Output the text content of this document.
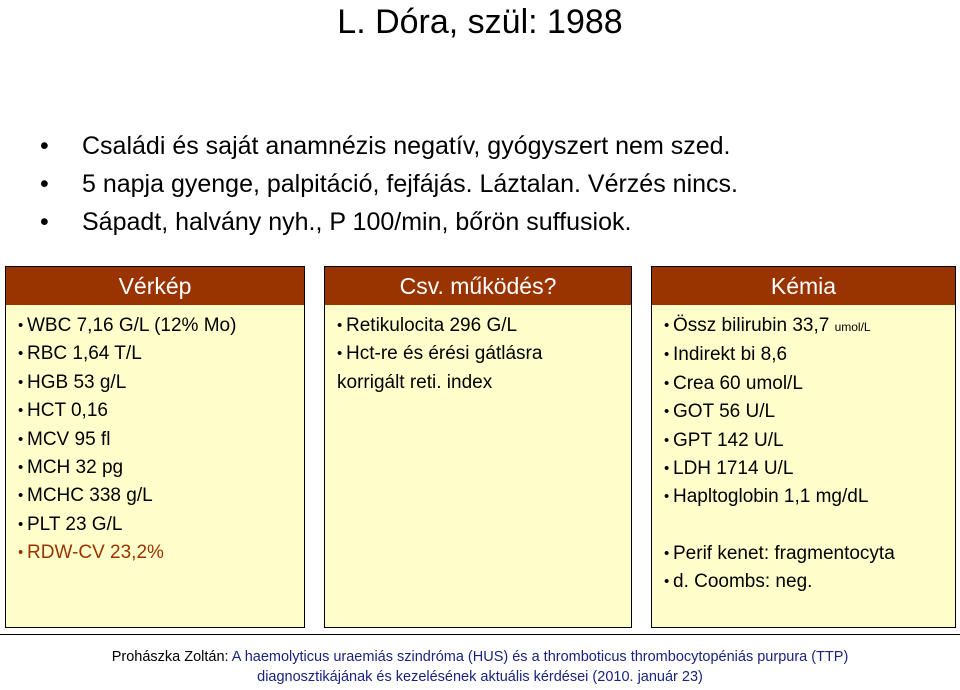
L. Dóra, szül: 1988
• Családi és saját anamnézis negatív, gyógyszert nem szed.
• 5 napja gyenge, palpitáció, fejfájás. Láztalan. Vérzés nincs.
• Sápadt, halvány nyh., P 100/min, bőrön suffusiok.
Vérkép
• WBC 7,16 G/L (12% Mo)
• RBC 1,64 T/L
• HGB 53 g/L
• HCT 0,16
• MCV 95 fl
• MCH 32 pg
• MCHC 338 g/L
• PLT 23 G/L
• RDW-CV 23,2%
Csv. működés?
• Retikulocita 296 G/L
• Hct-re és érési gátlásra
korrigált reti. index
Kémia
• Össz bilirubin 33,7 umol/L
• Indirekt bi 8,6
• Crea 60 umol/L
• GOT 56 U/L
• GPT 142 U/L
• LDH 1714 U/L
• Hapltoglobin 1,1 mg/dL
• Perif kenet: fragmentocyta
• d. Coombs: neg.
Prohászka Zoltán: A haemolyticus uraemiás szindróma (HUS) és a thromboticus thrombocytopéniás purpura (TTP)
diagnosztikájának és kezelésének aktuális kérdései (2010. január 23)
